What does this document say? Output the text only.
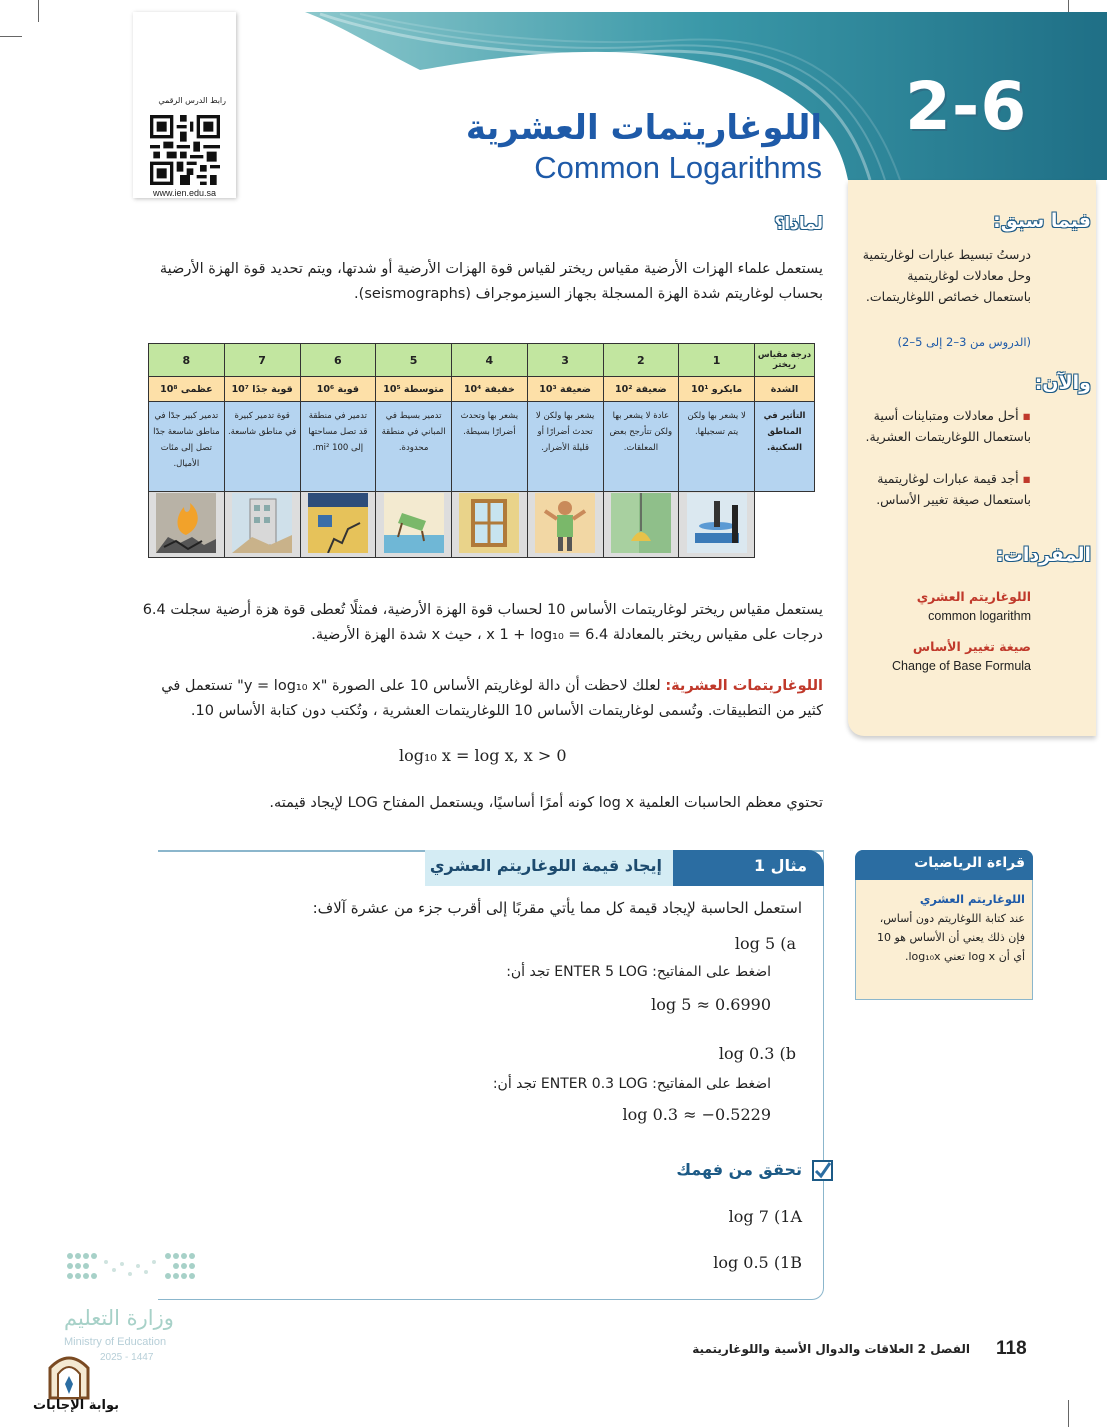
2-6
اللوغاريتمات العشرية
Common Logarithms
رابط الدرس الرقمي
www.ien.edu.sa
فيما سبق:
درستُ تبسيط عبارات لوغاريتمية وحل معادلات لوغاريتمية باستعمال خصائص اللوغاريتمات.
(الدروس من 3–2 إلى 5–2)
والآن:
▪ أحل معادلات ومتباينات أسية باستعمال اللوغاريتمات العشرية.
▪ أجد قيمة عبارات لوغاريتمية باستعمال صيغة تغيير الأساس.
المفردات:
اللوغاريتم العشري
common logarithm
صيغة تغيير الأساس
Change of Base Formula
لماذا؟
يستعمل علماء الهزات الأرضية مقياس ريختر لقياس قوة الهزات الأرضية أو شدتها، ويتم تحديد قوة الهزة الأرضية بحساب لوغاريتم شدة الهزة المسجلة بجهاز السيزموجراف (seismographs).
درجة مقياس ريختر	1	2	3	4	5	6	7	8
الشدة	مايكرو 10¹	ضعيفة 10²	ضعيفة 10³	خفيفة 10⁴	متوسطة 10⁵	قوية 10⁶	قوية جدًا 10⁷	عظمى 10⁸
التأثير في المناطق السكنية.	لا يشعر بها ولكن يتم تسجيلها.	عادة لا يشعر بها ولكن تتأرجح بعض المعلقات.	يشعر بها ولكن لا تحدث أضرارًا أو قليلة الأضرار.	يشعر بها وتحدث أضرارًا بسيطة.	تدمير بسيط في المباني في منطقة محدودة.	تدمير في منطقة قد تصل مساحتها إلى 100 mi².	قوة تدمير كبيرة في مناطق شاسعة.	تدمير كبير جدًا في مناطق شاسعة جدًا تصل إلى مئات الأميال.

يستعمل مقياس ريختر لوغاريتمات الأساس 10 لحساب قوة الهزة الأرضية، فمثلًا تُعطى قوة هزة أرضية سجلت 6.4
درجات على مقياس ريختر بالمعادلة x 1 + log₁₀ = 6.4 ، حيث x شدة الهزة الأرضية.
اللوغاريتمات العشرية: لعلك لاحظت أن دالة لوغاريتم الأساس 10 على الصورة "y = log₁₀ x" تستعمل في
كثير من التطبيقات. وتُسمى لوغاريتمات الأساس 10 اللوغاريتمات العشرية ، وتُكتب دون كتابة الأساس 10.
log₁₀ x = log x, x > 0
تحتوي معظم الحاسبات العلمية log x كونه أمرًا أساسيًا، ويستعمل المفتاح LOG لإيجاد قيمته.
مثال 1
إيجاد قيمة اللوغاريتم العشري
استعمل الحاسبة لإيجاد قيمة كل مما يأتي مقربًا إلى أقرب جزء من عشرة آلاف:
log 5 (a
اضغط على المفاتيح: ENTER 5 LOG تجد أن:
log 5 ≈ 0.6990
log 0.3 (b
اضغط على المفاتيح: ENTER 0.3 LOG تجد أن:
log 0.3 ≈ −0.5229
تحقق من فهمك
log 7 (1A
log 0.5 (1B
قراءة الرياضيات
اللوغاريتم العشري
عند كتابة اللوغاريتم دون أساس، فإن ذلك يعني أن الأساس هو 10 أي أن log x تعني log₁₀x.
وزارة التعليم
Ministry of Education
2025 - 1447
بوابة الإجابات
118
الفصل 2 العلاقات والدوال الأسية واللوغاريتمية
